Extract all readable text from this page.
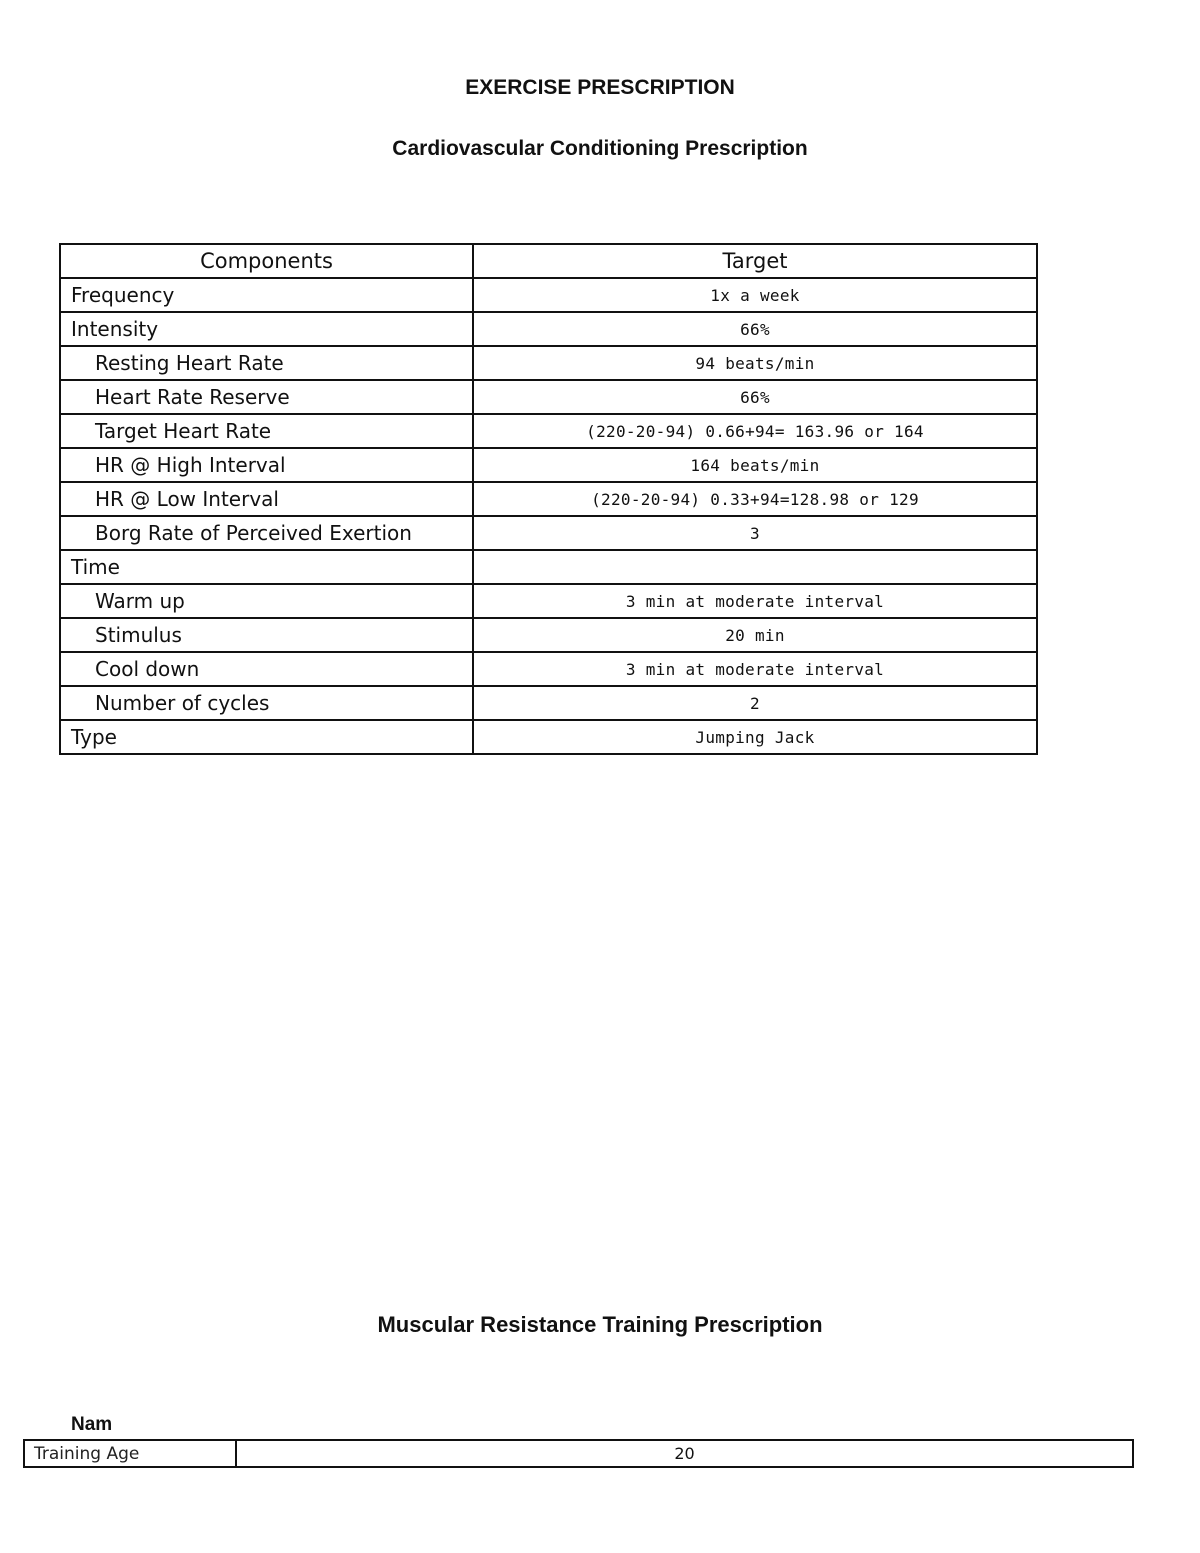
EXERCISE PRESCRIPTION
Cardiovascular Conditioning Prescription
Components	Target
Frequency	1x a week
Intensity	66%
Resting Heart Rate	94 beats/min
Heart Rate Reserve	66%
Target Heart Rate	(220-20-94) 0.66+94= 163.96 or 164
HR @ High Interval	164 beats/min
HR @ Low Interval	(220-20-94) 0.33+94=128.98 or 129
Borg Rate of Perceived Exertion	3
Time	
Warm up	3 min at moderate interval
Stimulus	20 min
Cool down	3 min at moderate interval
Number of cycles	2
Type	Jumping Jack
Muscular Resistance Training Prescription
Nam
Training Age	20
